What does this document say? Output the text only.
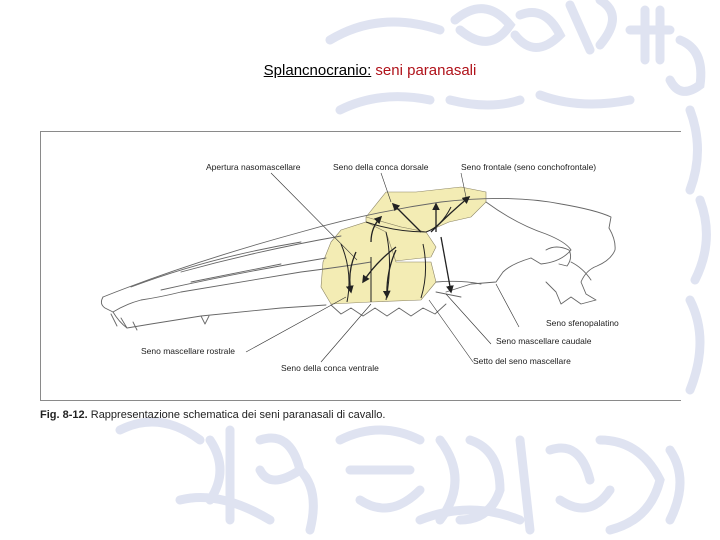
Splancnocranio: seni paranasali
Apertura nasomascellare	Seno della conca dorsale	Seno frontale (seno conchofrontale)
Seno sfenopalatino
Seno mascellare caudale
Setto del seno mascellare
Seno mascellare rostrale
Seno della conca ventrale
Fig. 8-12. Rappresentazione schematica dei seni paranasali di cavallo.
